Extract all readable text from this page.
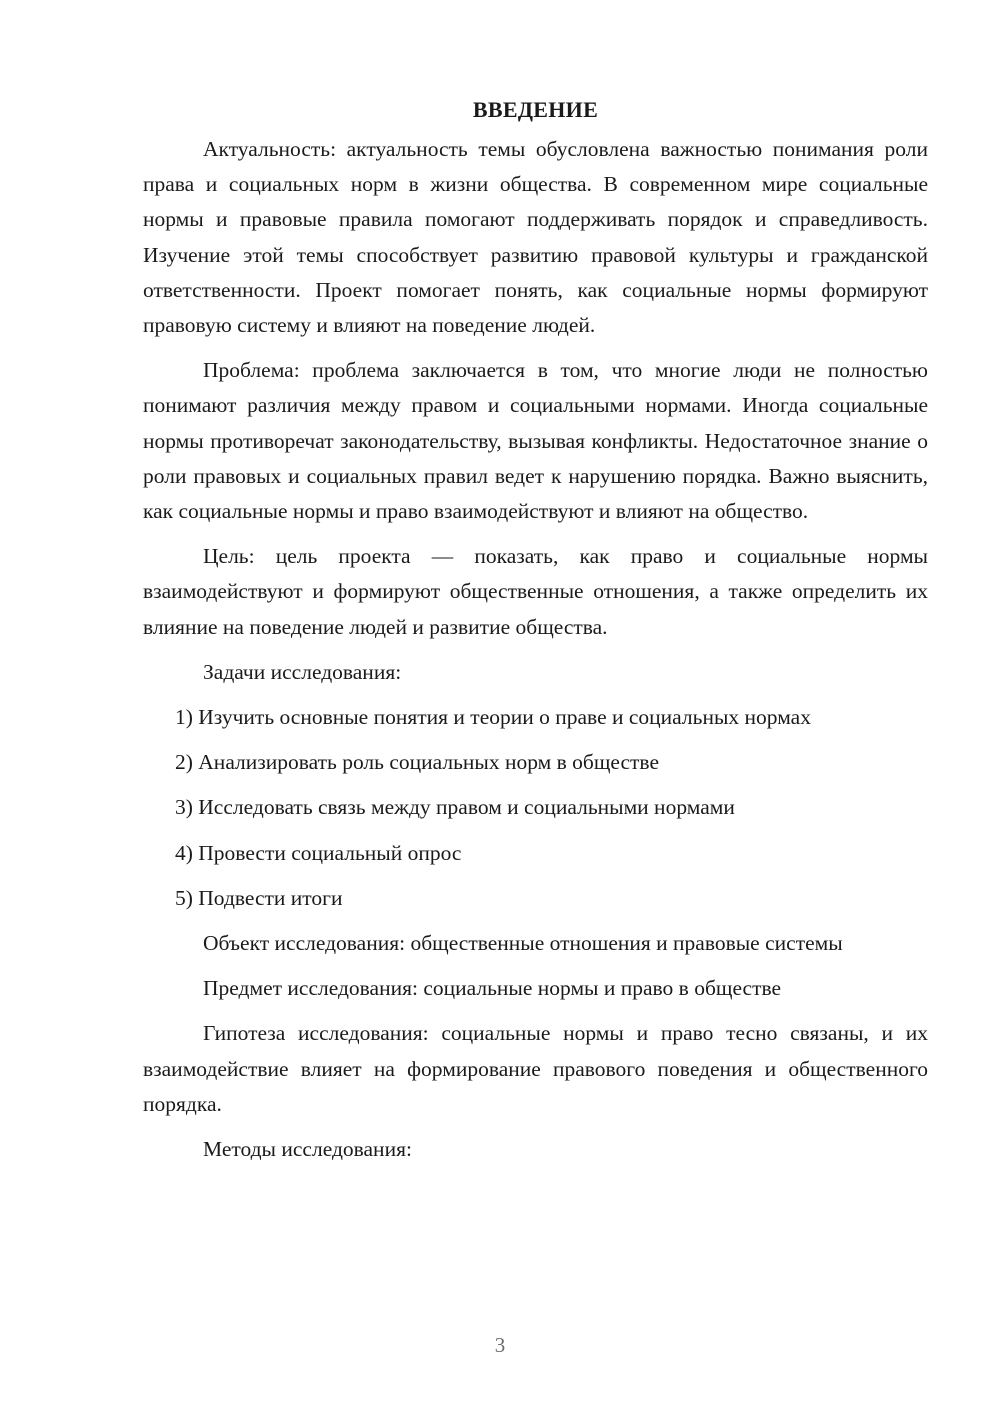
ВВЕДЕНИЕ

Актуальность: актуальность темы обусловлена важностью понимания роли права и социальных норм в жизни общества. В современном мире социальные нормы и правовые правила помогают поддерживать порядок и справедливость. Изучение этой темы способствует развитию правовой культуры и гражданской ответственности. Проект помогает понять, как социальные нормы формируют правовую систему и влияют на поведение людей.

Проблема: проблема заключается в том, что многие люди не полностью понимают различия между правом и социальными нормами. Иногда социальные нормы противоречат законодательству, вызывая конфликты. Недостаточное знание о роли правовых и социальных правил ведет к нарушению порядка. Важно выяснить, как социальные нормы и право взаимодействуют и влияют на общество.

Цель: цель проекта — показать, как право и социальные нормы взаимодействуют и формируют общественные отношения, а также определить их влияние на поведение людей и развитие общества.

Задачи исследования:

1) Изучить основные понятия и теории о праве и социальных нормах

2) Анализировать роль социальных норм в обществе

3) Исследовать связь между правом и социальными нормами

4) Провести социальный опрос

5) Подвести итоги

Объект исследования: общественные отношения и правовые системы

Предмет исследования: социальные нормы и право в обществе

Гипотеза исследования: социальные нормы и право тесно связаны, и их взаимодействие влияет на формирование правового поведения и общественного порядка.

Методы исследования:

3
